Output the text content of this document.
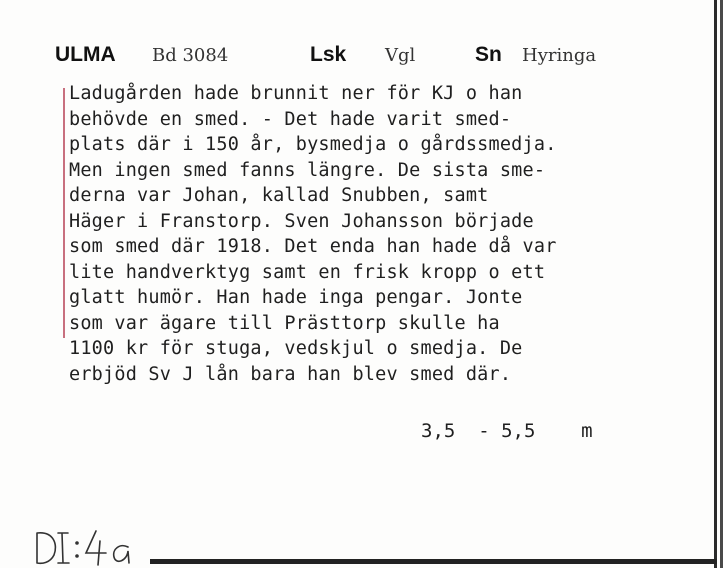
ULMA Bd 3084	Lsk Vgl	Sn Hyringa
Ladugården hade brunnit ner för KJ o han
behövde en smed. - Det hade varit smed-
plats där i 150 år, bysmedja o gårdssmedja.
Men ingen smed fanns längre. De sista sme-
derna var Johan, kallad Snubben, samt
Häger i Franstorp. Sven Johansson började
som smed där 1918. Det enda han hade då var
lite handverktyg samt en frisk kropp o ett
glatt humör. Han hade inga pengar. Jonte
som var ägare till Prästtorp skulle ha
1100 kr för stuga, vedskjul o smedja. De
erbjöd Sv J lån bara han blev smed där.
3,5  - 5,5    m
